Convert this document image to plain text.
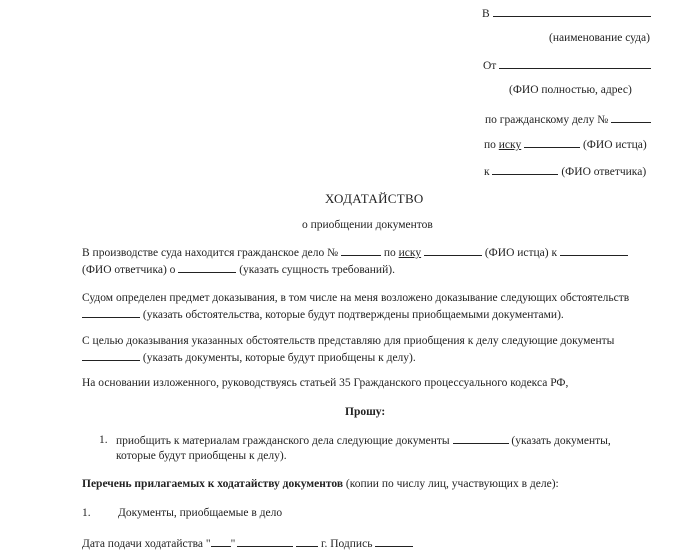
В
(наименование суда)
От
(ФИО полностью, адрес)
по гражданскому делу №
по иску	(ФИО истца)
к	(ФИО ответчика)
ХОДАТАЙСТВО
о приобщении документов
В производстве суда находится гражданское дело №	по иску	(ФИО истца) к
(ФИО ответчика) о	(указать сущность требований).
Судом определен предмет доказывания, в том числе на меня возложено доказывание следующих обстоятельств
(указать обстоятельства, которые будут подтверждены приобщаемыми документами).
С целью доказывания указанных обстоятельств представляю для приобщения к делу следующие документы
(указать документы, которые будут приобщены к делу).
На основании изложенного, руководствуясь статьей 35 Гражданского процессуального кодекса РФ,
Прошу:
1. приобщить к материалам гражданского дела следующие документы	(указать документы,
которые будут приобщены к делу).
Перечень прилагаемых к ходатайству документов (копии по числу лиц, участвующих в деле):
1. Документы, приобщаемые в дело
Дата подачи ходатайства " "	г. Подпись
